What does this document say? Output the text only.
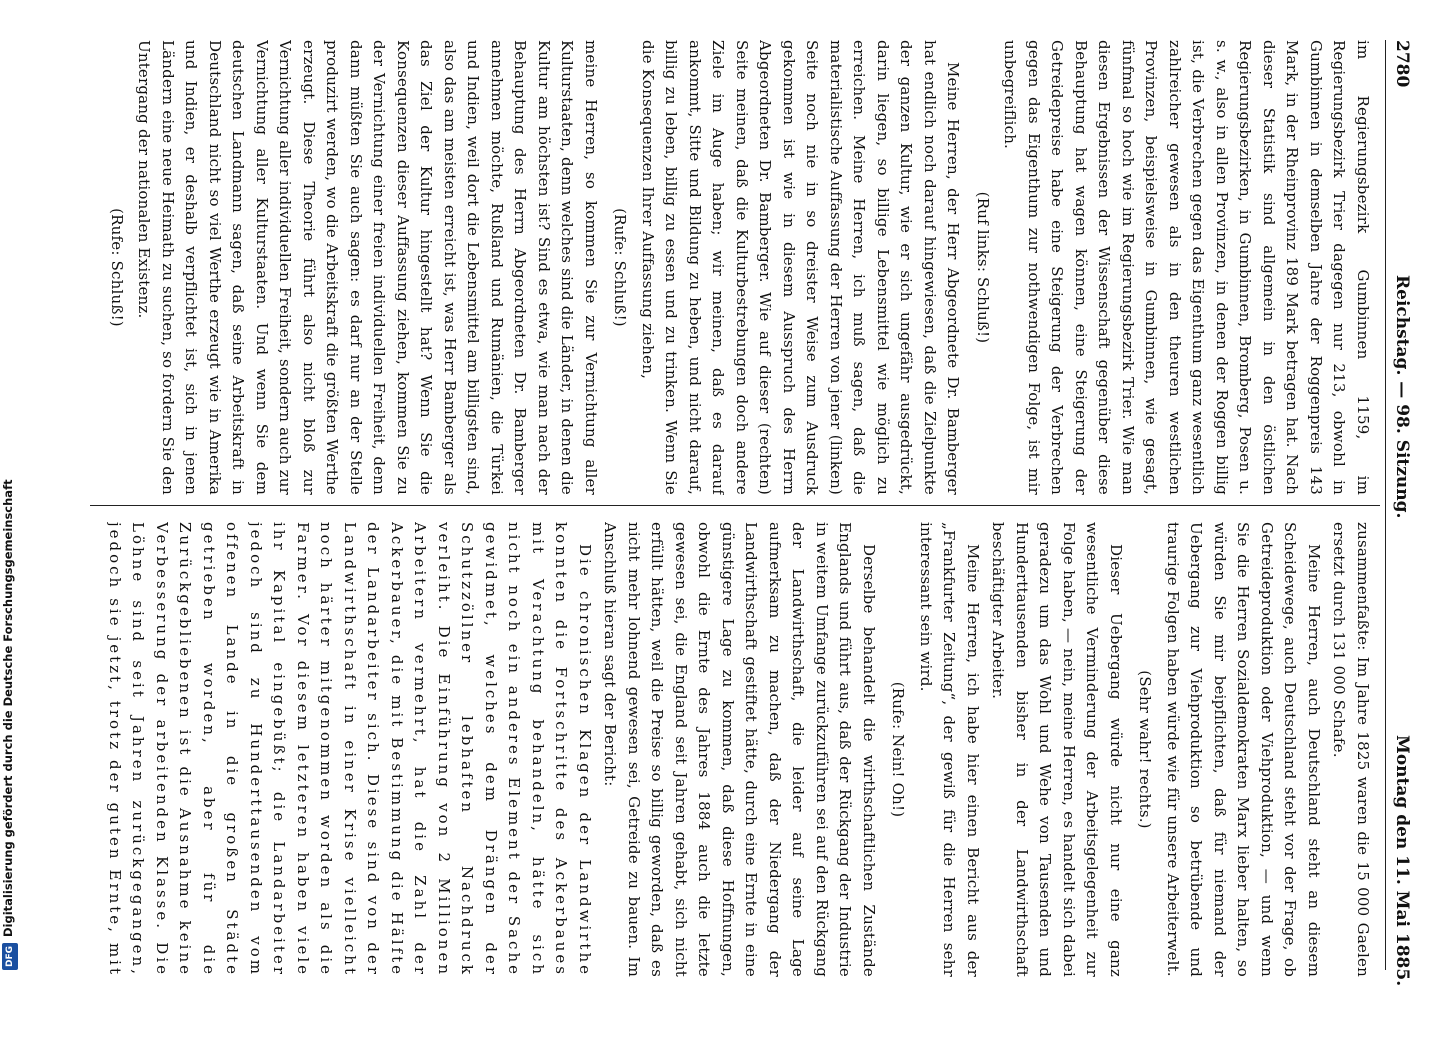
2780
Reichstag. — 98. Sitzung.
Montag den 11. Mai 1885.

im Regierungsbezirk Gumbinnen 1159, im Regierungsbezirk Trier dagegen nur 213, obwohl in Gumbinnen in demselben Jahre der Roggenpreis 143 Mark, in der Rheinprovinz 189 Mark betragen hat. Nach dieser Statistik sind allgemein in den östlichen Regierungsbezirken, in Gumbinnen, Bromberg, Posen u. s. w., also in allen Provinzen, in denen der Roggen billig ist, die Verbrechen gegen das Eigenthum ganz wesentlich zahlreicher gewesen als in den theuren westlichen Provinzen, beispielsweise in Gumbinnen, wie gesagt, fünfmal so hoch wie im Regierungsbezirk Trier. Wie man diesen Ergebnissen der Wissenschaft gegenüber diese Behauptung hat wagen können, eine Steigerung der Getreidepreise habe eine Steigerung der Verbrechen gegen das Eigenthum zur nothwendigen Folge, ist mir unbegreiflich.

(Ruf links: Schluß!)

Meine Herren, der Herr Abgeordnete Dr. Bamberger hat endlich noch darauf hingewiesen, daß die Zielpunkte der ganzen Kultur, wie er sich ungefähr ausgedrückt, darin liegen, so billige Lebensmittel wie möglich zu erreichen. Meine Herren, ich muß sagen, daß die materialistische Auffassung der Herren von jener (linken) Seite noch nie in so dreister Weise zum Ausdruck gekommen ist wie in diesem Ausspruch des Herrn Abgeordneten Dr. Bamberger. Wie auf dieser (rechten) Seite meinen, daß die Kulturbestrebungen doch andere Ziele im Auge haben; wir meinen, daß es darauf ankommt, Sitte und Bildung zu heben, und nicht darauf, billig zu leben, billig zu essen und zu trinken. Wenn Sie die Konsequenzen Ihrer Auffassung ziehen,

(Rufe: Schluß!)

meine Herren, so kommen Sie zur Vernichtung aller Kulturstaaten, denn welches sind die Länder, in denen die Kultur am höchsten ist? Sind es etwa, wie man nach der Behauptung des Herrn Abgeordneten Dr. Bamberger annehmen möchte, Rußland und Rumänien, die Türkei und Indien, weil dort die Lebensmittel am billigsten sind, also das am meisten erreicht ist, was Herr Bamberger als das Ziel der Kultur hingestellt hat? Wenn Sie die Konsequenzen dieser Auffassung ziehen, kommen Sie zu der Vernichtung einer freien individuellen Freiheit, denn dann müßten Sie auch sagen: es darf nur an der Stelle produzirt werden, wo die Arbeitskraft die größten Werthe erzeugt. Diese Theorie führt also nicht bloß zur Vernichtung aller individuellen Freiheit, sondern auch zur Vernichtung aller Kulturstaaten. Und wenn Sie dem deutschen Landmann sagen, daß seine Arbeitskraft in Deutschland nicht so viel Werthe erzeugt wie in Amerika und Indien, er deshalb verpflichtet ist, sich in jenen Ländern eine neue Heimath zu suchen, so fordern Sie den Untergang der nationalen Existenz.

(Rufe: Schluß!)

zusammenfaßte: Im Jahre 1825 waren die 15 000 Gaelen ersetzt durch 131 000 Schafe.

Meine Herren, auch Deutschland steht an diesem Scheidewege, auch Deutschland steht vor der Frage, ob Getreideproduktion oder Viehproduktion, — und wenn Sie die Herren Sozialdemokraten Marx lieber halten, so würden Sie mir beipflichten, daß für niemand der Uebergang zur Viehproduktion so betrübende und traurige Folgen haben würde wie für unsere Arbeiterwelt.

(Sehr wahr! rechts.)

Dieser Uebergang würde nicht nur eine ganz wesentliche Verminderung der Arbeitsgelegenheit zur Folge haben, — nein, meine Herren, es handelt sich dabei geradezu um das Wohl und Wehe von Tausenden und Hunderttausenden bisher in der Landwirthschaft beschäftigter Arbeiter.

Meine Herren, ich habe hier einen Bericht aus der „Frankfurter Zeitung“, der gewiß für die Herren sehr interessant sein wird.

(Rufe: Nein! Oh!)

Derselbe behandelt die wirthschaftlichen Zustände Englands und führt aus, daß der Rückgang der Industrie in weitem Umfange zurückzuführen sei auf den Rückgang der Landwirthschaft, die leider auf seine Lage aufmerksam zu machen, daß der Niedergang der Landwirthschaft gestiftet hätte, durch eine Ernte in eine günstigere Lage zu kommen, daß diese Hoffnungen, obwohl die Ernte des Jahres 1884 auch die letzte gewesen sei, die England seit Jahren gehabt, sich nicht erfüllt hätten, weil die Preise so billig geworden, daß es nicht mehr lohnend gewesen sei, Getreide zu bauen. Im Anschluß hieran sagt der Bericht:

Die chronischen Klagen der Landwirthe konnten die Fortschritte des Ackerbaues mit Verachtung behandeln, hätte sich nicht noch ein anderes Element der Sache gewidmet, welches dem Drängen der Schutzzöllner lebhaften Nachdruck verleiht. Die Einführung von 2 Millionen Arbeitern vermehrt, hat die Zahl der Ackerbauer, die mit Bestimmung die Hälfte der Landarbeiter sich. Diese sind von der Landwirthschaft in einer Krise vielleicht noch härter mitgenommen worden als die Farmer. Vor diesem letzteren haben viele ihr Kapital eingebüßt; die Landarbeiter jedoch sind zu Hunderttausenden vom offenen Lande in die großen Städte getrieben worden, aber für die Zurückgebliebenen ist die Ausnahme keine Verbesserung der arbeitenden Klasse. Die Löhne sind seit Jahren zurückgegangen, jedoch sie jetzt, trotz der guten Ernte, mit

DFGDigitalisierung gefördert durch die Deutsche Forschungsgemeinschaft
